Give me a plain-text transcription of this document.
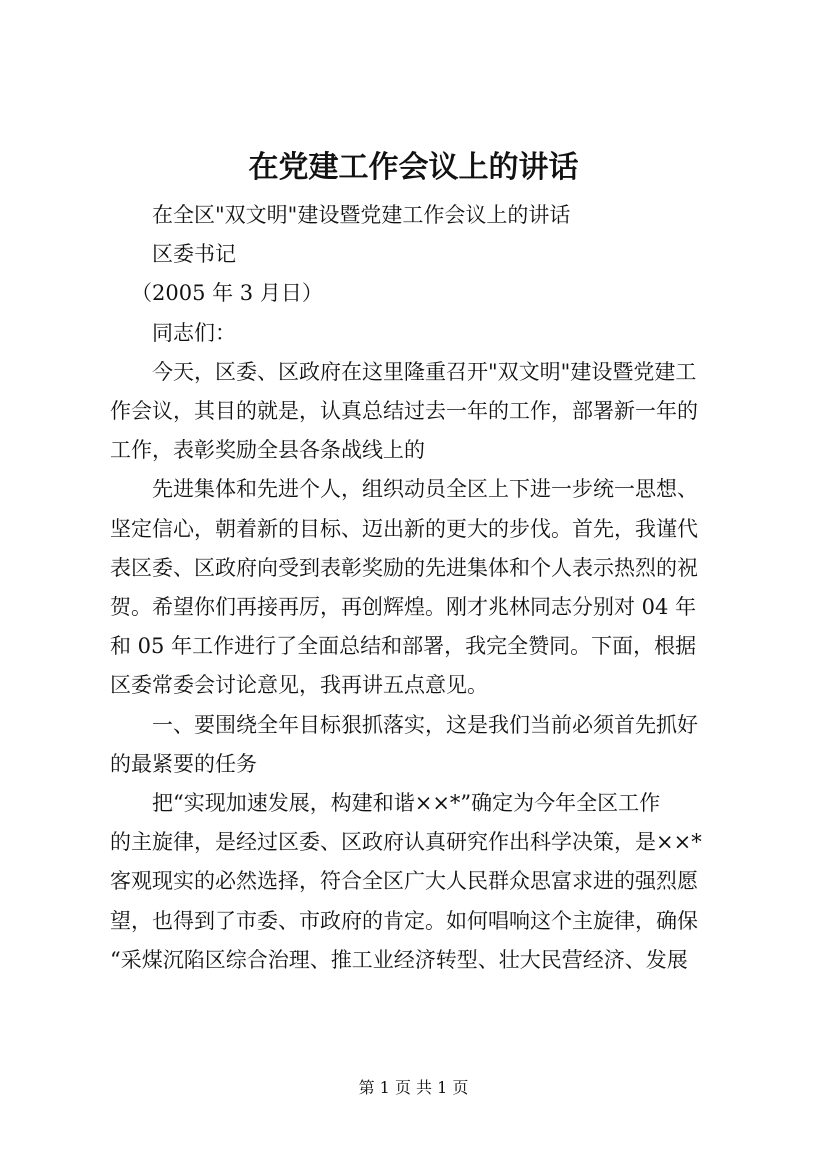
在党建工作会议上的讲话

在全区"双文明"建设暨党建工作会议上的讲话

区委书记

（2005 年 3 月日）

同志们：

今天，区委、区政府在这里隆重召开"双文明"建设暨党建工

作会议，其目的就是，认真总结过去一年的工作，部署新一年的

工作，表彰奖励全县各条战线上的

先进集体和先进个人，组织动员全区上下进一步统一思想、

坚定信心，朝着新的目标、迈出新的更大的步伐。首先，我谨代

表区委、区政府向受到表彰奖励的先进集体和个人表示热烈的祝

贺。希望你们再接再厉，再创辉煌。刚才兆林同志分别对 04 年

和 05 年工作进行了全面总结和部署，我完全赞同。下面，根据

区委常委会讨论意见，我再讲五点意见。

一、要围绕全年目标狠抓落实，这是我们当前必须首先抓好

的最紧要的任务

把“实现加速发展，构建和谐××*”确定为今年全区工作

的主旋律，是经过区委、区政府认真研究作出科学决策，是××*

客观现实的必然选择，符合全区广大人民群众思富求进的强烈愿

望，也得到了市委、市政府的肯定。如何唱响这个主旋律，确保

“采煤沉陷区综合治理、推工业经济转型、壮大民营经济、发展

第 1 页 共 1 页
